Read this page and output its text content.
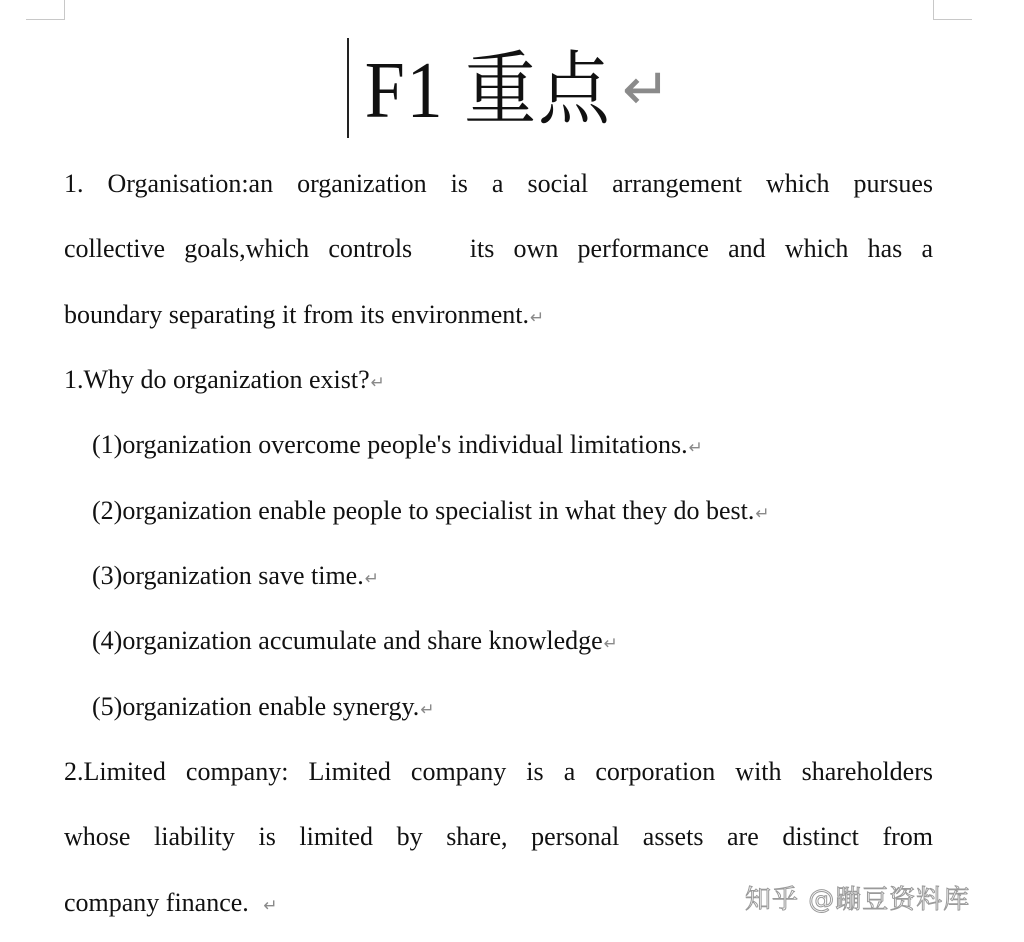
F1 重点 ↵
1. Organisation:an organization is a social arrangement which pursues
collective goals,which controls   its own performance and which has a
boundary separating it from its environment.↵
1.Why do organization exist?↵
(1)organization overcome people's individual limitations.↵
(2)organization enable people to specialist in what they do best.↵
(3)organization save time.↵
(4)organization accumulate and share knowledge↵
(5)organization enable synergy.↵
2.Limited company: Limited company is a corporation with shareholders
whose liability is limited by share, personal assets are distinct from
company finance. ↵	知乎 @蹦豆资料库
